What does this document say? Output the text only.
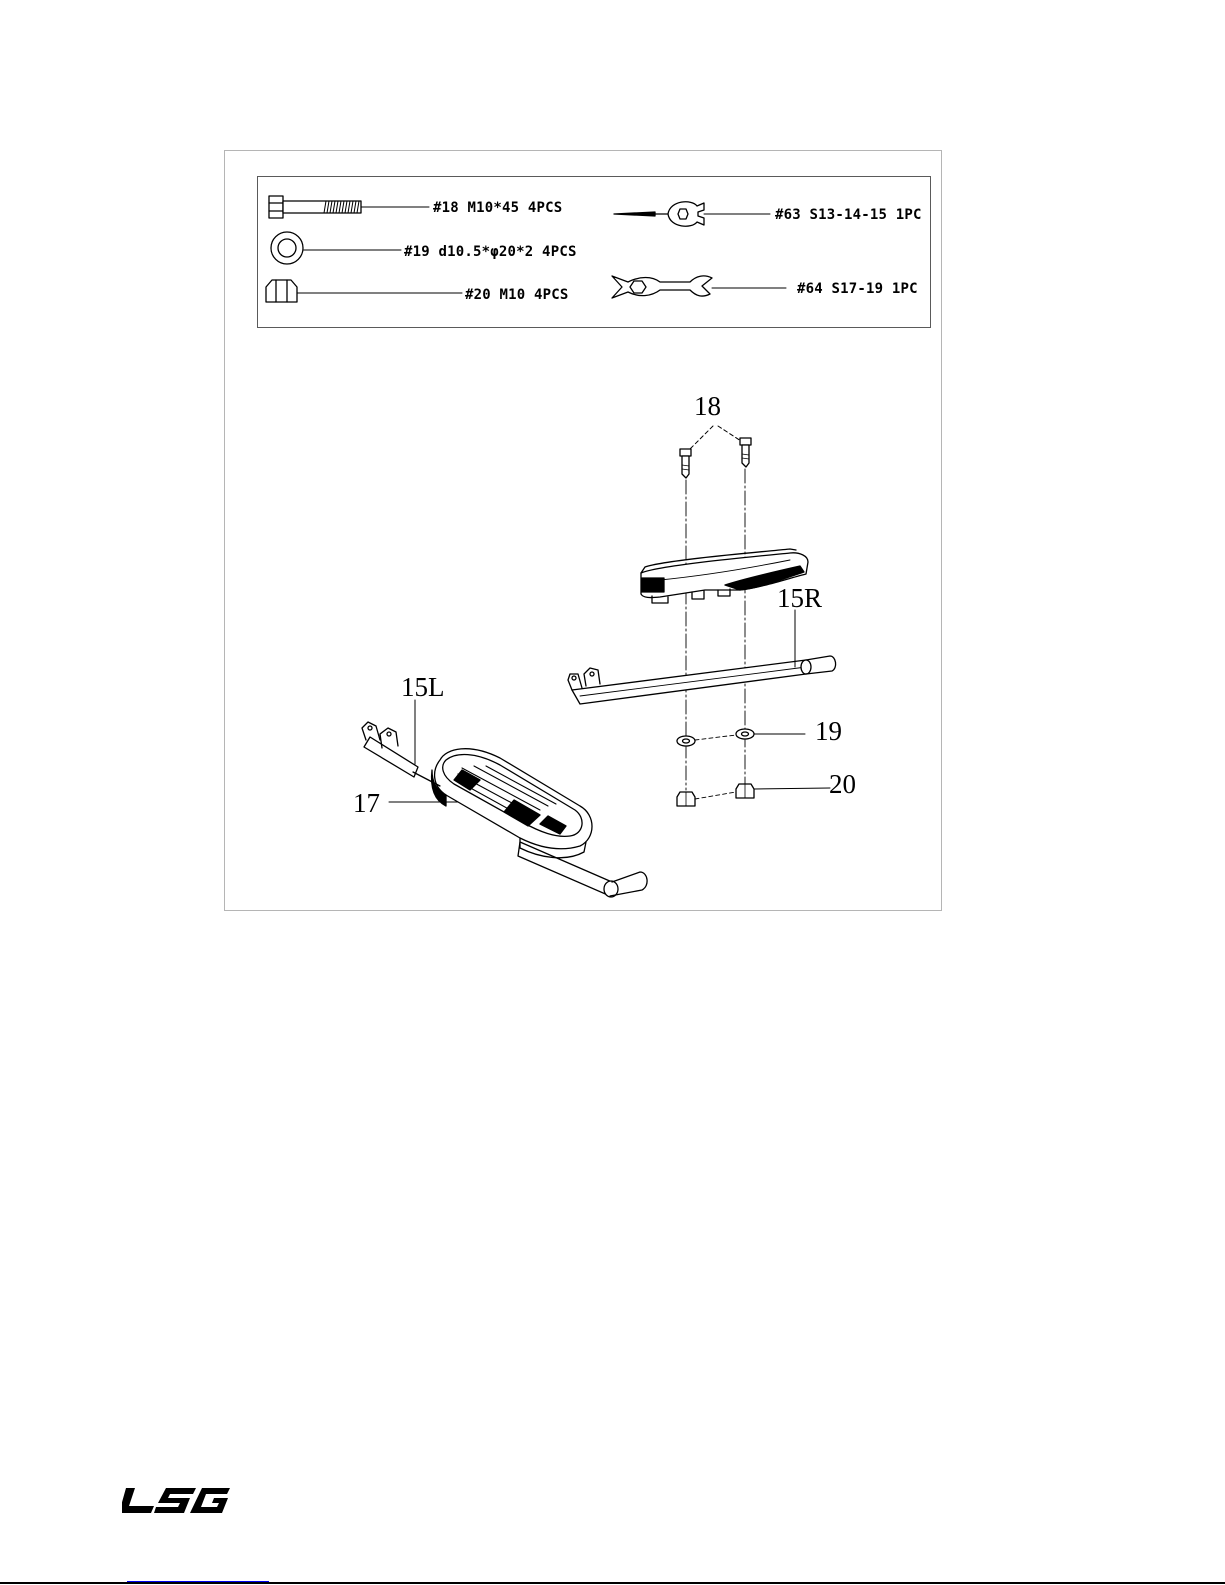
#18 M10*45 4PCS
#19 d10.5*φ20*2 4PCS
#20 M10 4PCS
#63 S13-14-15 1PC
#64 S17-19 1PC
18
15R
15L
17
19
20
